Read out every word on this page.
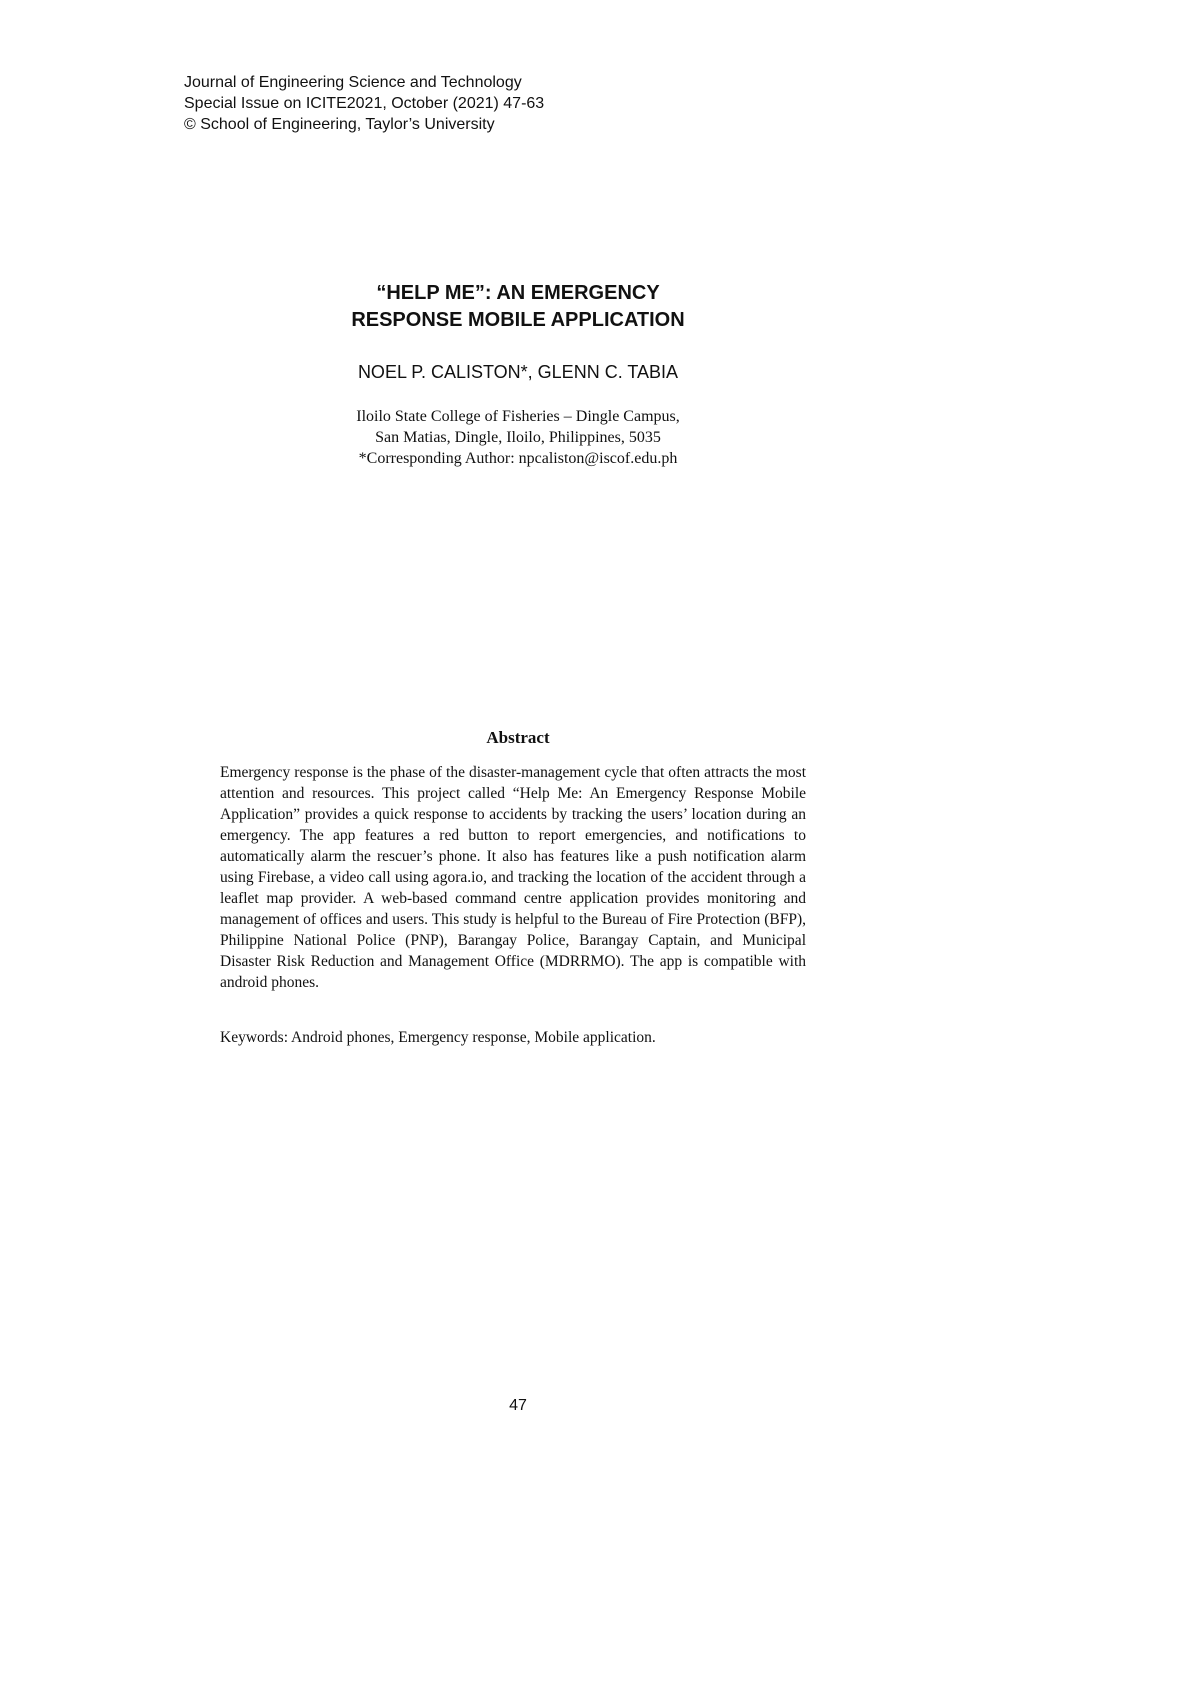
Journal of Engineering Science and Technology
Special Issue on ICITE2021, October (2021) 47-63
© School of Engineering, Taylor’s University
“HELP ME”: AN EMERGENCY
RESPONSE MOBILE APPLICATION
NOEL P. CALISTON*, GLENN C. TABIA
Iloilo State College of Fisheries – Dingle Campus,
San Matias, Dingle, Iloilo, Philippines, 5035
*Corresponding Author: npcaliston@iscof.edu.ph
Abstract

Emergency response is the phase of the disaster-management cycle that often attracts the most attention and resources. This project called “Help Me: An Emergency Response Mobile Application” provides a quick response to accidents by tracking the users’ location during an emergency. The app features a red button to report emergencies, and notifications to automatically alarm the rescuer’s phone. It also has features like a push notification alarm using Firebase, a video call using agora.io, and tracking the location of the accident through a leaflet map provider. A web-based command centre application provides monitoring and management of offices and users. This study is helpful to the Bureau of Fire Protection (BFP), Philippine National Police (PNP), Barangay Police, Barangay Captain, and Municipal Disaster Risk Reduction and Management Office (MDRRMO). The app is compatible with android phones.

Keywords: Android phones, Emergency response, Mobile application.

47
